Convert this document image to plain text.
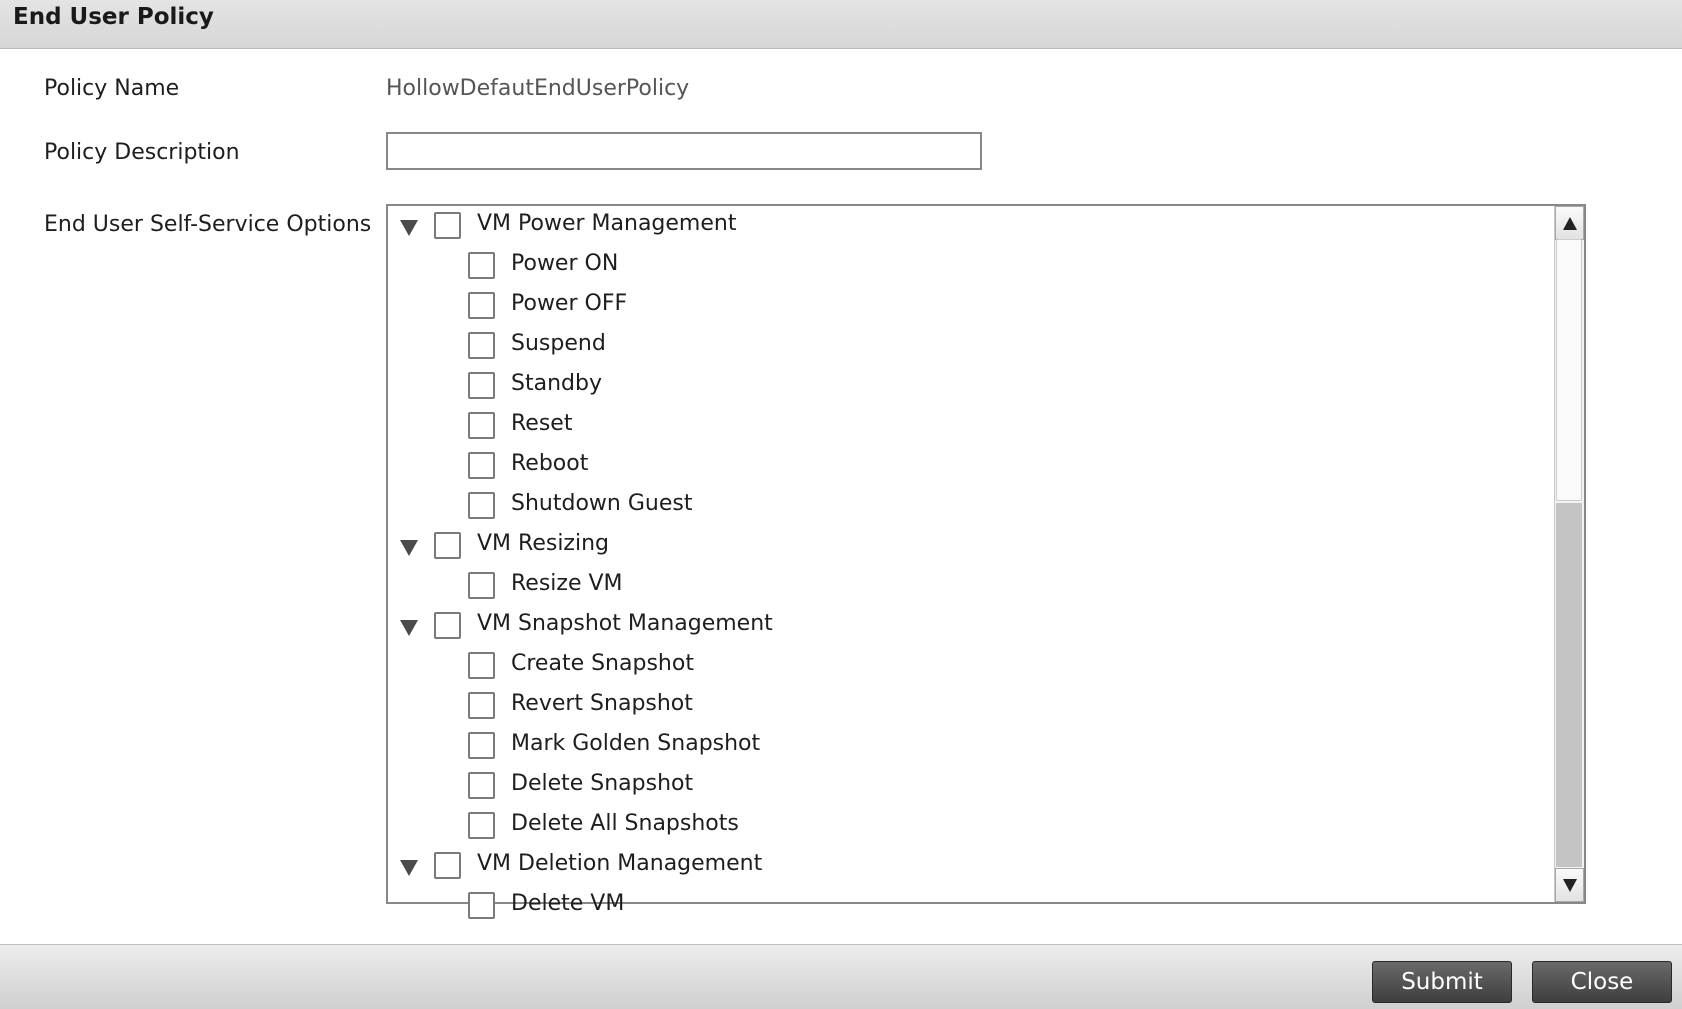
End User Policy
Policy Name	HollowDefautEndUserPolicy
Policy Description
End User Self-Service Options	VM Power Management
Power ON
Power OFF
Suspend
Standby
Reset
Reboot
Shutdown Guest
VM Resizing
Resize VM
VM Snapshot Management
Create Snapshot
Revert Snapshot
Mark Golden Snapshot
Delete Snapshot
Delete All Snapshots
VM Deletion Management
Delete VM
Submit	Close
